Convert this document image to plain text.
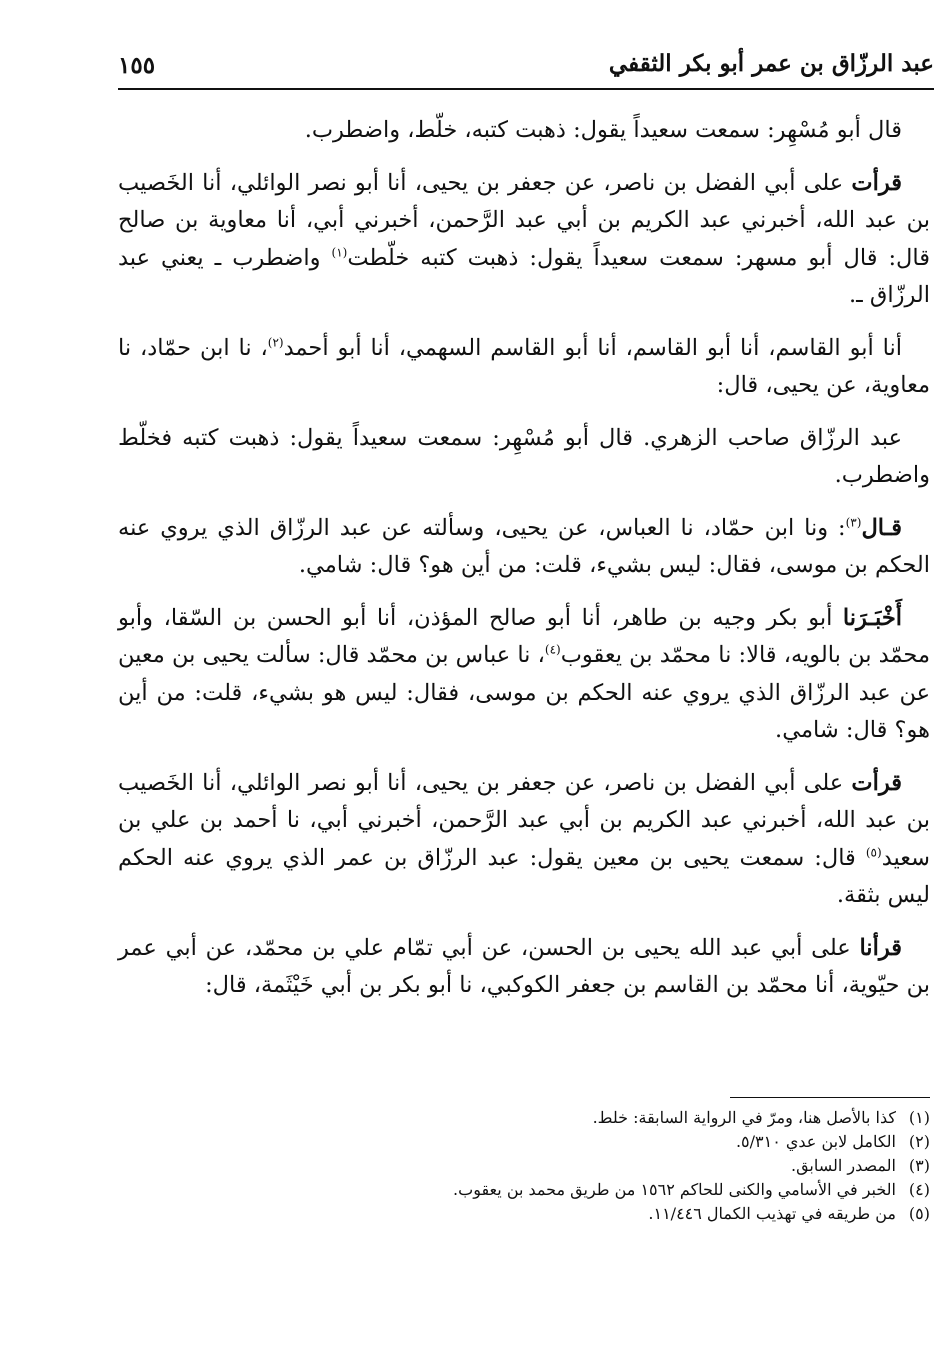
عبد الرزّاق بن عمر أبو بكر الثقفي
١٥٥

قال أبو مُسْهِر: سمعت سعيداً يقول: ذهبت كتبه، خلّط، واضطرب.

قرأت على أبي الفضل بن ناصر، عن جعفر بن يحيى، أنا أبو نصر الوائلي، أنا الخَصيب بن عبد الله، أخبرني عبد الكريم بن أبي عبد الرَّحمن، أخبرني أبي، أنا معاوية بن صالح قال: قال أبو مسهر: سمعت سعيداً يقول: ذهبت كتبه خلّطت$^{(١)}$ واضطرب ـ يعني عبد الرزّاق ـ.

أنا أبو القاسم، أنا أبو القاسم، أنا أبو القاسم السهمي، أنا أبو أحمد$^{(٢)}$، نا ابن حمّاد، نا معاوية، عن يحيى، قال:

عبد الرزّاق صاحب الزهري. قال أبو مُسْهِر: سمعت سعيداً يقول: ذهبت كتبه فخلّط واضطرب.

قـال$^{(٣)}$: ونا ابن حمّاد، نا العباس، عن يحيى، وسألته عن عبد الرزّاق الذي يروي عنه الحكم بن موسى، فقال: ليس بشيء، قلت: من أين هو؟ قال: شامي.

أَخْبَـرَنا أبو بكر وجيه بن طاهر، أنا أبو صالح المؤذن، أنا أبو الحسن بن السّقا، وأبو محمّد بن بالويه، قالا: نا محمّد بن يعقوب$^{(٤)}$، نا عباس بن محمّد قال: سألت يحيى بن معين عن عبد الرزّاق الذي يروي عنه الحكم بن موسى، فقال: ليس هو بشيء، قلت: من أين هو؟ قال: شامي.

قرأت على أبي الفضل بن ناصر، عن جعفر بن يحيى، أنا أبو نصر الوائلي، أنا الخَصيب بن عبد الله، أخبرني عبد الكريم بن أبي عبد الرَّحمن، أخبرني أبي، نا أحمد بن علي بن سعيد$^{(٥)}$ قال: سمعت يحيى بن معين يقول: عبد الرزّاق بن عمر الذي يروي عنه الحكم ليس بثقة.

قرأنا على أبي عبد الله يحيى بن الحسن، عن أبي تمّام علي بن محمّد، عن أبي عمر بن حيّوية، أنا محمّد بن القاسم بن جعفر الكوكبي، نا أبو بكر بن أبي خَيْثَمة، قال:

(١)
كذا بالأصل هنا، ومرّ في الرواية السابقة: خلط.
(٢)
الكامل لابن عدي ٥/٣١٠.
(٣)
المصدر السابق.
(٤)
الخبر في الأسامي والكنى للحاكم ١٥٦٢ من طريق محمد بن يعقوب.
(٥)
من طريقه في تهذيب الكمال ١١/٤٤٦.
